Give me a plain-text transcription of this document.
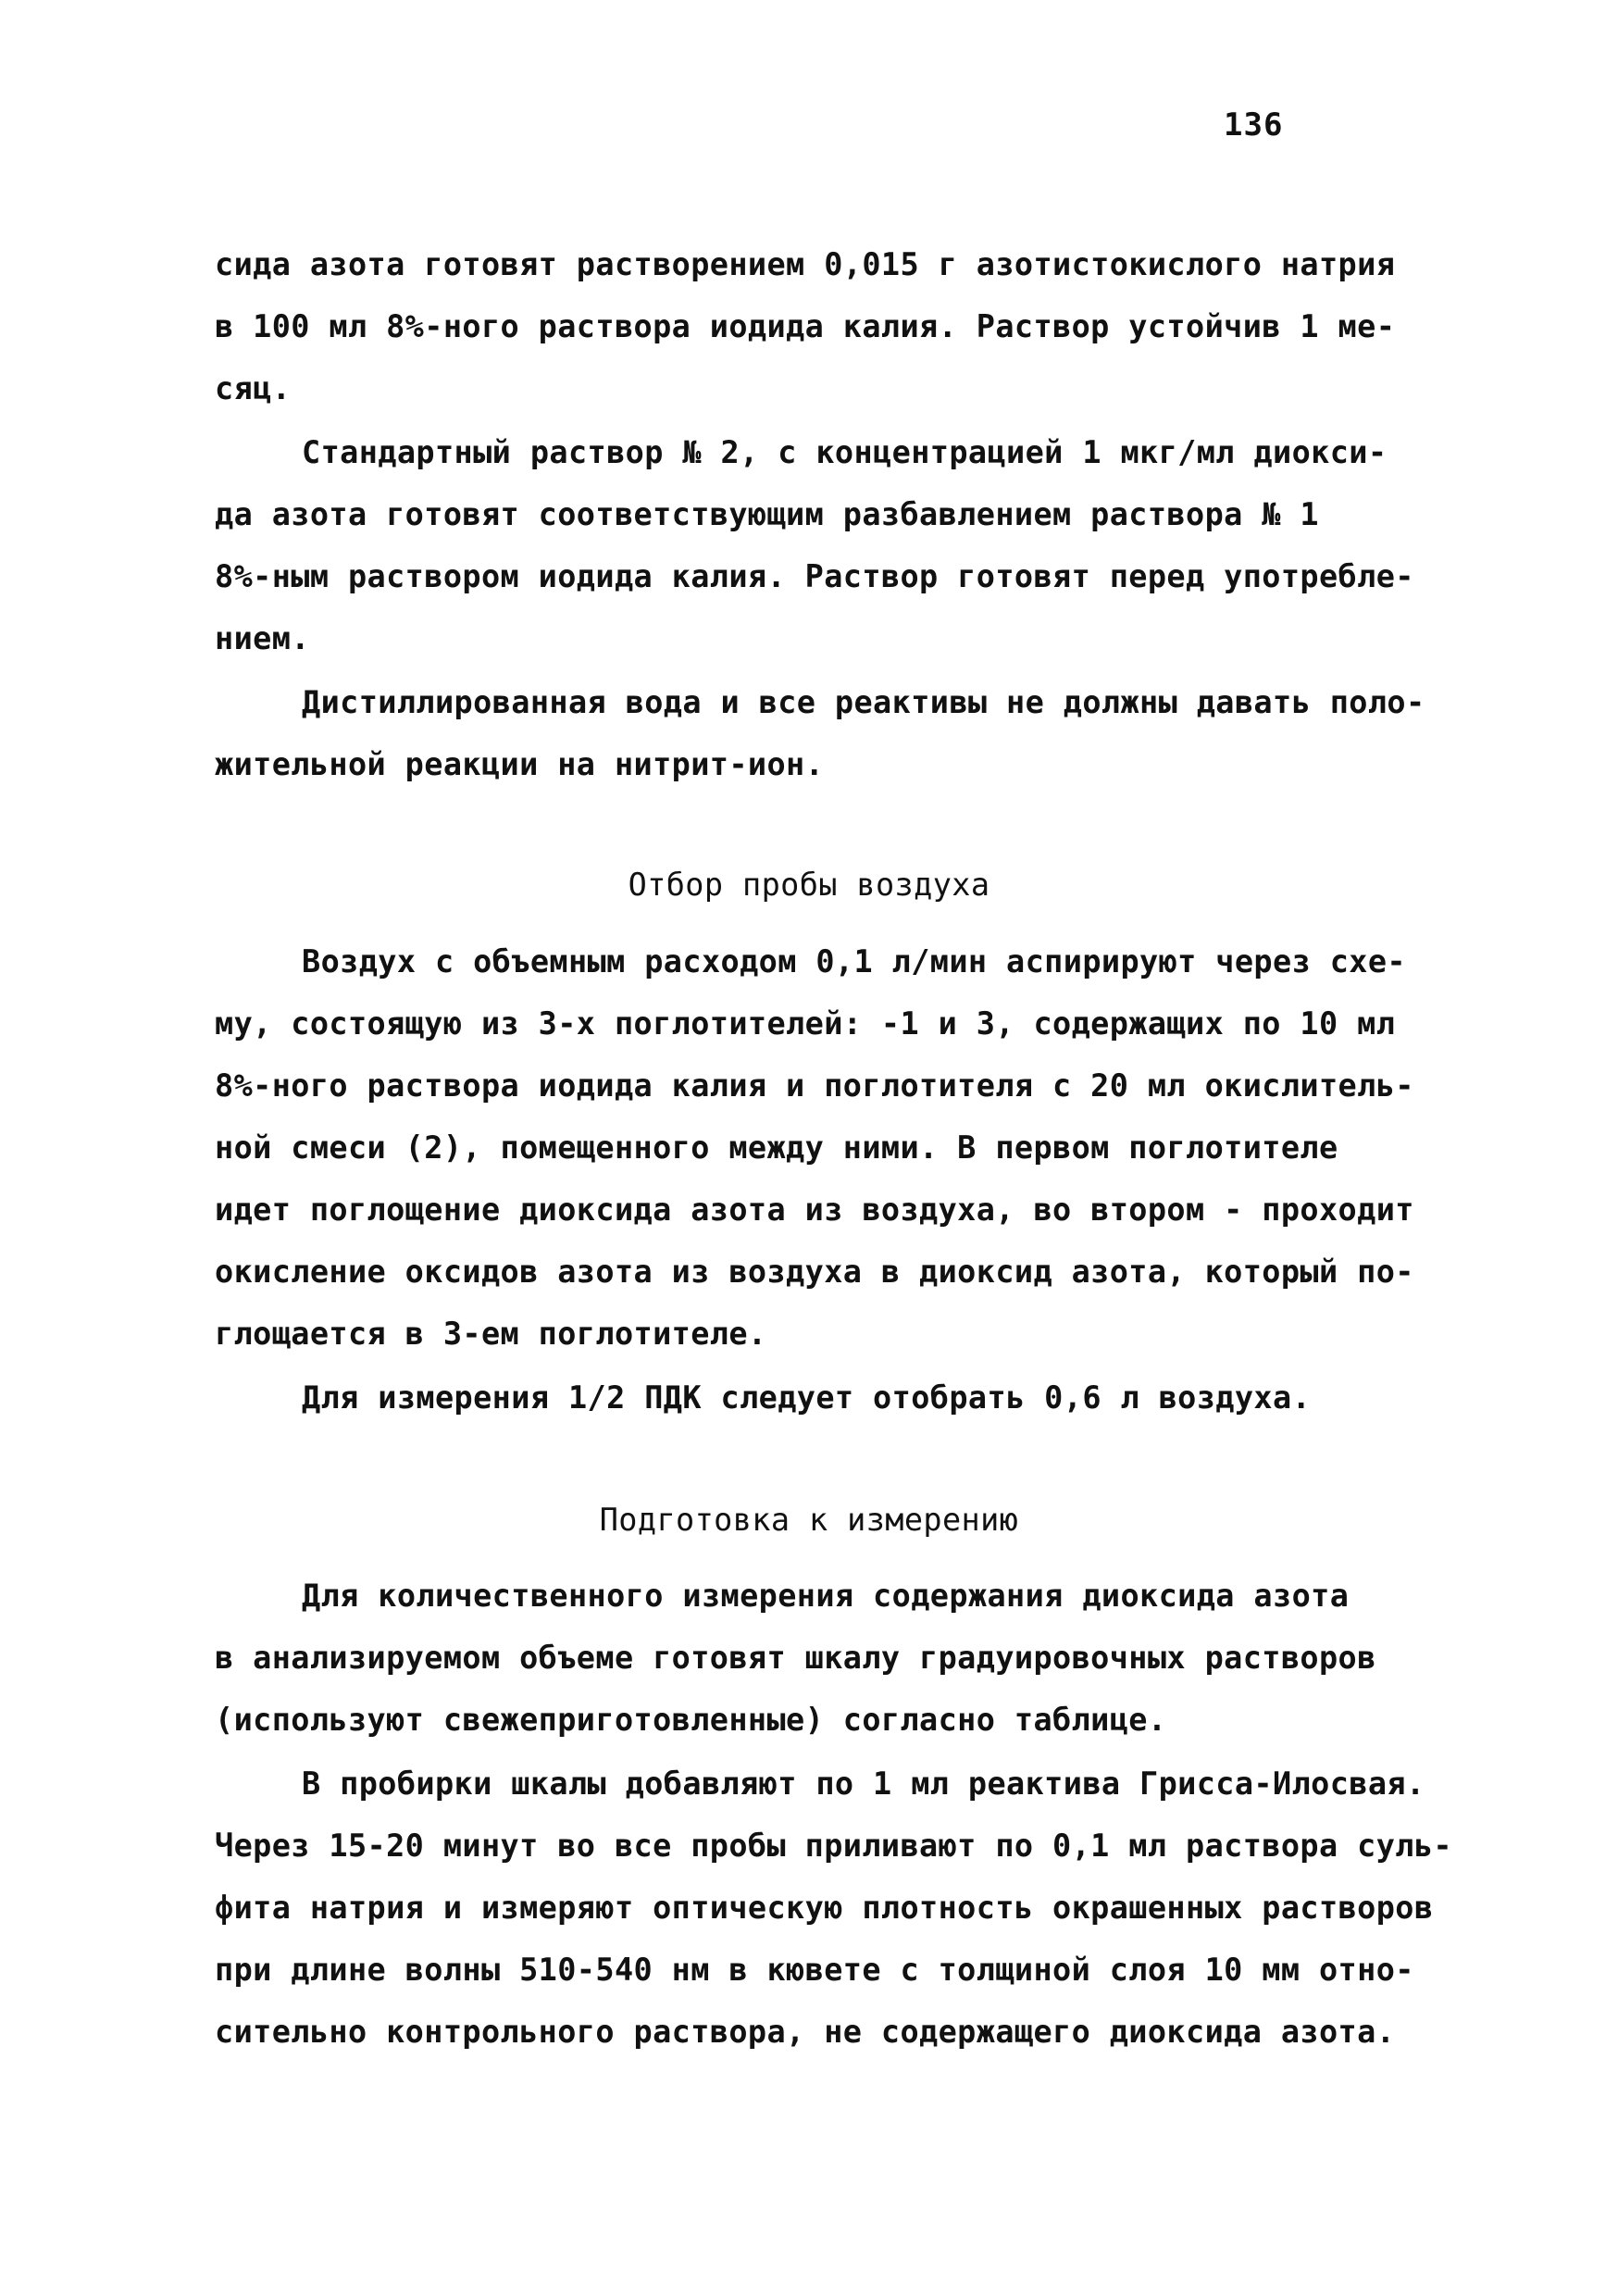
136
сида азота готовят растворением 0,015 г азотистокислого натрия
в 100 мл 8%-ного раствора иодида калия. Раствор устойчив 1 ме-
сяц.
Стандартный раствор № 2, с концентрацией 1 мкг/мл диокси-
да азота готовят соответствующим разбавлением раствора № 1
8%-ным раствором иодида калия. Раствор готовят перед употребле-
нием.
Дистиллированная вода и все реактивы не должны давать поло-
жительной реакции на нитрит-ион.
Отбор пробы воздуха
Воздух с объемным расходом 0,1 л/мин аспирируют через схе-
му, состоящую из 3-х поглотителей: -1 и 3, содержащих по 10 мл
8%-ного раствора иодида калия и поглотителя с 20 мл окислитель-
ной смеси (2), помещенного между ними. В первом поглотителе
идет поглощение диоксида азота из воздуха, во втором - проходит
окисление оксидов азота из воздуха в диоксид азота, который по-
глощается в 3-ем поглотителе.
Для измерения 1/2 ПДК следует отобрать 0,6 л воздуха.
Подготовка к измерению
Для количественного измерения содержания диоксида азота
в анализируемом объеме готовят шкалу градуировочных растворов
(используют свежеприготовленные) согласно таблице.
В пробирки шкалы добавляют по 1 мл реактива Грисса-Илосвая.
Через 15-20 минут во все пробы приливают по 0,1 мл раствора суль-
фита натрия и измеряют оптическую плотность окрашенных растворов
при длине волны 510-540 нм в кювете с толщиной слоя 10 мм отно-
сительно контрольного раствора, не содержащего диоксида азота.
